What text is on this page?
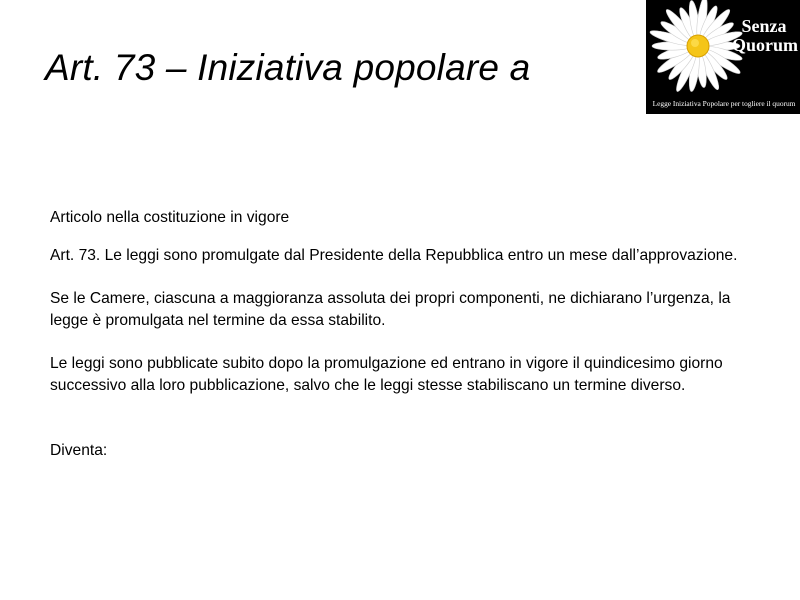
Art. 73 – Iniziativa popolare a
Senza
Quorum
Legge Iniziativa Popolare per togliere il quorum

Articolo nella costituzione in vigore

Art. 73. Le leggi sono promulgate dal Presidente della Repubblica entro un mese dall’approvazione.

Se le Camere, ciascuna a maggioranza assoluta dei propri componenti, ne dichiarano l’urgenza, la legge è promulgata nel termine da essa stabilito.

Le leggi sono pubblicate subito dopo la promulgazione ed entrano in vigore il quindicesimo giorno successivo alla loro pubblicazione, salvo che le leggi stesse stabiliscano un termine diverso.

Diventa:
